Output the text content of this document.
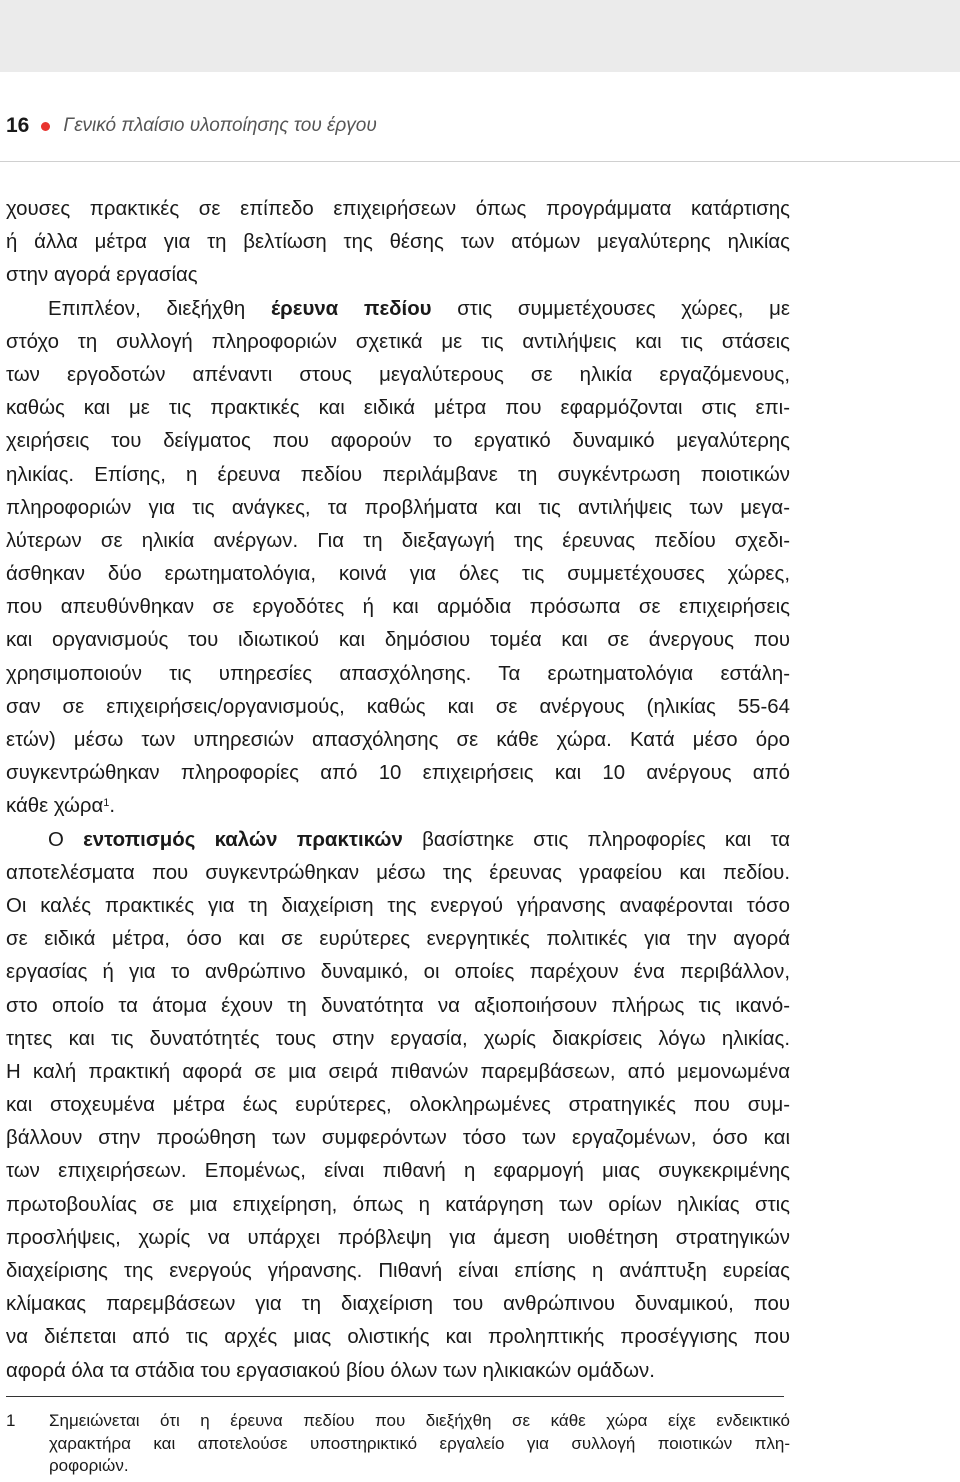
16 Γενικό πλαίσιο υλοποίησης του έργου
χουσες πρακτικές σε επίπεδο επιχειρήσεων όπως προγράμματα κατάρτισης
ή άλλα μέτρα για τη βελτίωση της θέσης των ατόμων μεγαλύτερης ηλικίας
στην αγορά εργασίας
Επιπλέον, διεξήχθη έρευνα πεδίου στις συμμετέχουσες χώρες, με
στόχο τη συλλογή πληροφοριών σχετικά με τις αντιλήψεις και τις στάσεις
των εργοδοτών απέναντι στους μεγαλύτερους σε ηλικία εργαζόμενους,
καθώς και με τις πρακτικές και ειδικά μέτρα που εφαρμόζονται στις επι-
χειρήσεις του δείγματος που αφορούν το εργατικό δυναμικό μεγαλύτερης
ηλικίας. Επίσης, η έρευνα πεδίου περιλάμβανε τη συγκέντρωση ποιοτικών
πληροφοριών για τις ανάγκες, τα προβλήματα και τις αντιλήψεις των μεγα-
λύτερων σε ηλικία ανέργων. Για τη διεξαγωγή της έρευνας πεδίου σχεδι-
άσθηκαν δύο ερωτηματολόγια, κοινά για όλες τις συμμετέχουσες χώρες,
που απευθύνθηκαν σε εργοδότες ή και αρμόδια πρόσωπα σε επιχειρήσεις
και οργανισμούς του ιδιωτικού και δημόσιου τομέα και σε άνεργους που
χρησιμοποιούν τις υπηρεσίες απασχόλησης. Τα ερωτηματολόγια εστάλη-
σαν σε επιχειρήσεις/οργανισμούς, καθώς και σε ανέργους (ηλικίας 55-64
ετών) μέσω των υπηρεσιών απασχόλησης σε κάθε χώρα. Κατά μέσο όρο
συγκεντρώθηκαν πληροφορίες από 10 επιχειρήσεις και 10 ανέργους από
κάθε χώρα$^1$.
Ο εντοπισμός καλών πρακτικών βασίστηκε στις πληροφορίες και τα
αποτελέσματα που συγκεντρώθηκαν μέσω της έρευνας γραφείου και πεδίου.
Οι καλές πρακτικές για τη διαχείριση της ενεργού γήρανσης αναφέρονται τόσο
σε ειδικά μέτρα, όσο και σε ευρύτερες ενεργητικές πολιτικές για την αγορά
εργασίας ή για το ανθρώπινο δυναμικό, οι οποίες παρέχουν ένα περιβάλλον,
στο οποίο τα άτομα έχουν τη δυνατότητα να αξιοποιήσουν πλήρως τις ικανό-
τητες και τις δυνατότητές τους στην εργασία, χωρίς διακρίσεις λόγω ηλικίας.
Η καλή πρακτική αφορά σε μια σειρά πιθανών παρεμβάσεων, από μεμονωμένα
και στοχευμένα μέτρα έως ευρύτερες, ολοκληρωμένες στρατηγικές που συμ-
βάλλουν στην προώθηση των συμφερόντων τόσο των εργαζομένων, όσο και
των επιχειρήσεων. Επομένως, είναι πιθανή η εφαρμογή μιας συγκεκριμένης
πρωτοβουλίας σε μια επιχείρηση, όπως η κατάργηση των ορίων ηλικίας στις
προσλήψεις, χωρίς να υπάρχει πρόβλεψη για άμεση υιοθέτηση στρατηγικών
διαχείρισης της ενεργούς γήρανσης. Πιθανή είναι επίσης η ανάπτυξη ευρείας
κλίμακας παρεμβάσεων για τη διαχείριση του ανθρώπινου δυναμικού, που
να διέπεται από τις αρχές μιας ολιστικής και προληπτικής προσέγγισης που
αφορά όλα τα στάδια του εργασιακού βίου όλων των ηλικιακών ομάδων.
1 Σημειώνεται ότι η έρευνα πεδίου που διεξήχθη σε κάθε χώρα είχε ενδεικτικό
χαρακτήρα και αποτελούσε υποστηρικτικό εργαλείο για συλλογή ποιοτικών πλη-
ροφοριών.
